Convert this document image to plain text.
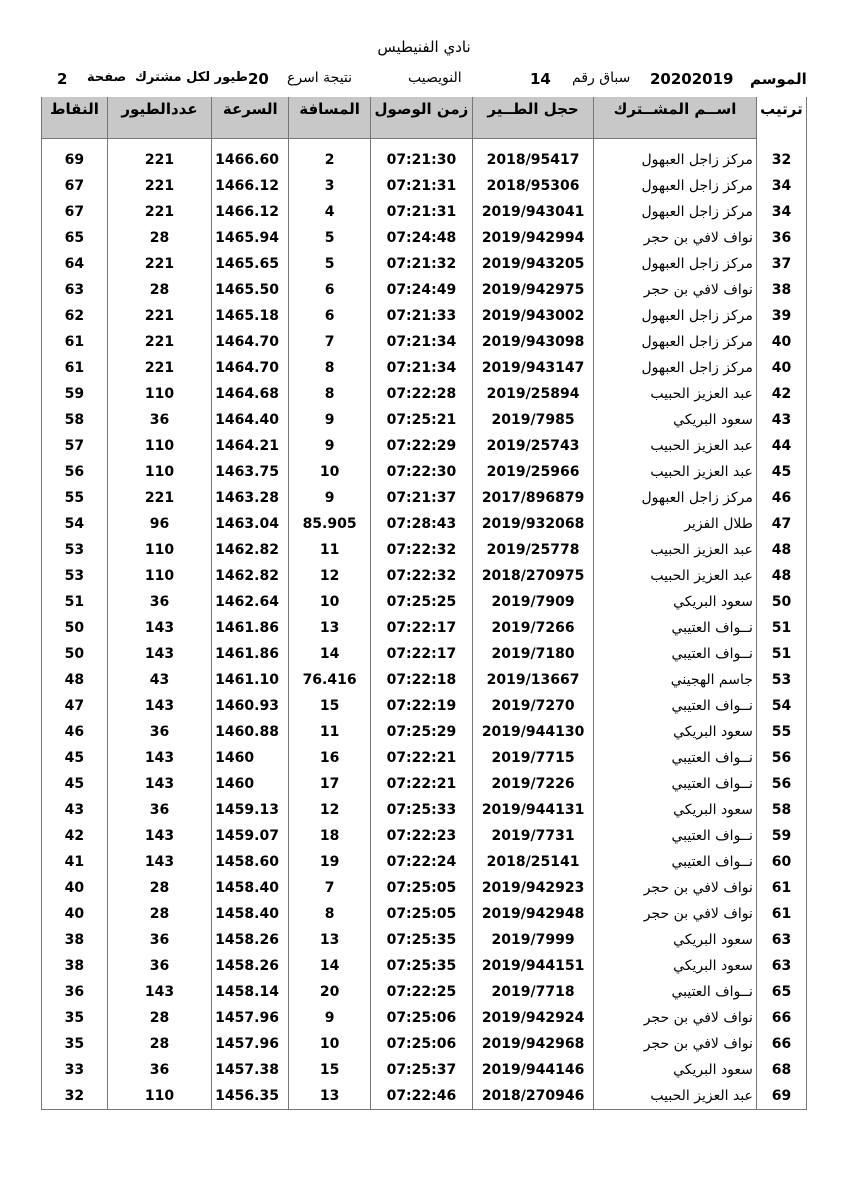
نادي الفنيطيس
الموسم
20202019
سباق رقم
14
النويصيب
نتيجة اسرع
20
طيور لكل مشترك
صفحة
2
ترتيب	اســم المشــترك	حجل الطــير	زمن الوصول	المسافة	السرعة	عددالطيور	النقاط

32	مركز زاجل العبهول	2018/95417	07:21:30	2	1466.60	221	69
34	مركز زاجل العبهول	2018/95306	07:21:31	3	1466.12	221	67
34	مركز زاجل العبهول	2019/943041	07:21:31	4	1466.12	221	67
36	نواف لافي بن حجر	2019/942994	07:24:48	5	1465.94	28	65
37	مركز زاجل العبهول	2019/943205	07:21:32	5	1465.65	221	64
38	نواف لافي بن حجر	2019/942975	07:24:49	6	1465.50	28	63
39	مركز زاجل العبهول	2019/943002	07:21:33	6	1465.18	221	62
40	مركز زاجل العبهول	2019/943098	07:21:34	7	1464.70	221	61
40	مركز زاجل العبهول	2019/943147	07:21:34	8	1464.70	221	61
42	عبد العزيز الحبيب	2019/25894	07:22:28	8	1464.68	110	59
43	سعود البريكي	2019/7985	07:25:21	9	1464.40	36	58
44	عبد العزيز الحبيب	2019/25743	07:22:29	9	1464.21	110	57
45	عبد العزيز الحبيب	2019/25966	07:22:30	10	1463.75	110	56
46	مركز زاجل العبهول	2017/896879	07:21:37	9	1463.28	221	55
47	طلال الفزير	2019/932068	07:28:43	85.905	1463.04	96	54
48	عبد العزيز الحبيب	2019/25778	07:22:32	11	1462.82	110	53
48	عبد العزيز الحبيب	2018/270975	07:22:32	12	1462.82	110	53
50	سعود البريكي	2019/7909	07:25:25	10	1462.64	36	51
51	نــواف العتيبي	2019/7266	07:22:17	13	1461.86	143	50
51	نــواف العتيبي	2019/7180	07:22:17	14	1461.86	143	50
53	جاسم الهجيني	2019/13667	07:22:18	76.416	1461.10	43	48
54	نــواف العتيبي	2019/7270	07:22:19	15	1460.93	143	47
55	سعود البريكي	2019/944130	07:25:29	11	1460.88	36	46
56	نــواف العتيبي	2019/7715	07:22:21	16	1460	143	45
56	نــواف العتيبي	2019/7226	07:22:21	17	1460	143	45
58	سعود البريكي	2019/944131	07:25:33	12	1459.13	36	43
59	نــواف العتيبي	2019/7731	07:22:23	18	1459.07	143	42
60	نــواف العتيبي	2018/25141	07:22:24	19	1458.60	143	41
61	نواف لافي بن حجر	2019/942923	07:25:05	7	1458.40	28	40
61	نواف لافي بن حجر	2019/942948	07:25:05	8	1458.40	28	40
63	سعود البريكي	2019/7999	07:25:35	13	1458.26	36	38
63	سعود البريكي	2019/944151	07:25:35	14	1458.26	36	38
65	نــواف العتيبي	2019/7718	07:22:25	20	1458.14	143	36
66	نواف لافي بن حجر	2019/942924	07:25:06	9	1457.96	28	35
66	نواف لافي بن حجر	2019/942968	07:25:06	10	1457.96	28	35
68	سعود البريكي	2019/944146	07:25:37	15	1457.38	36	33
69	عبد العزيز الحبيب	2018/270946	07:22:46	13	1456.35	110	32
